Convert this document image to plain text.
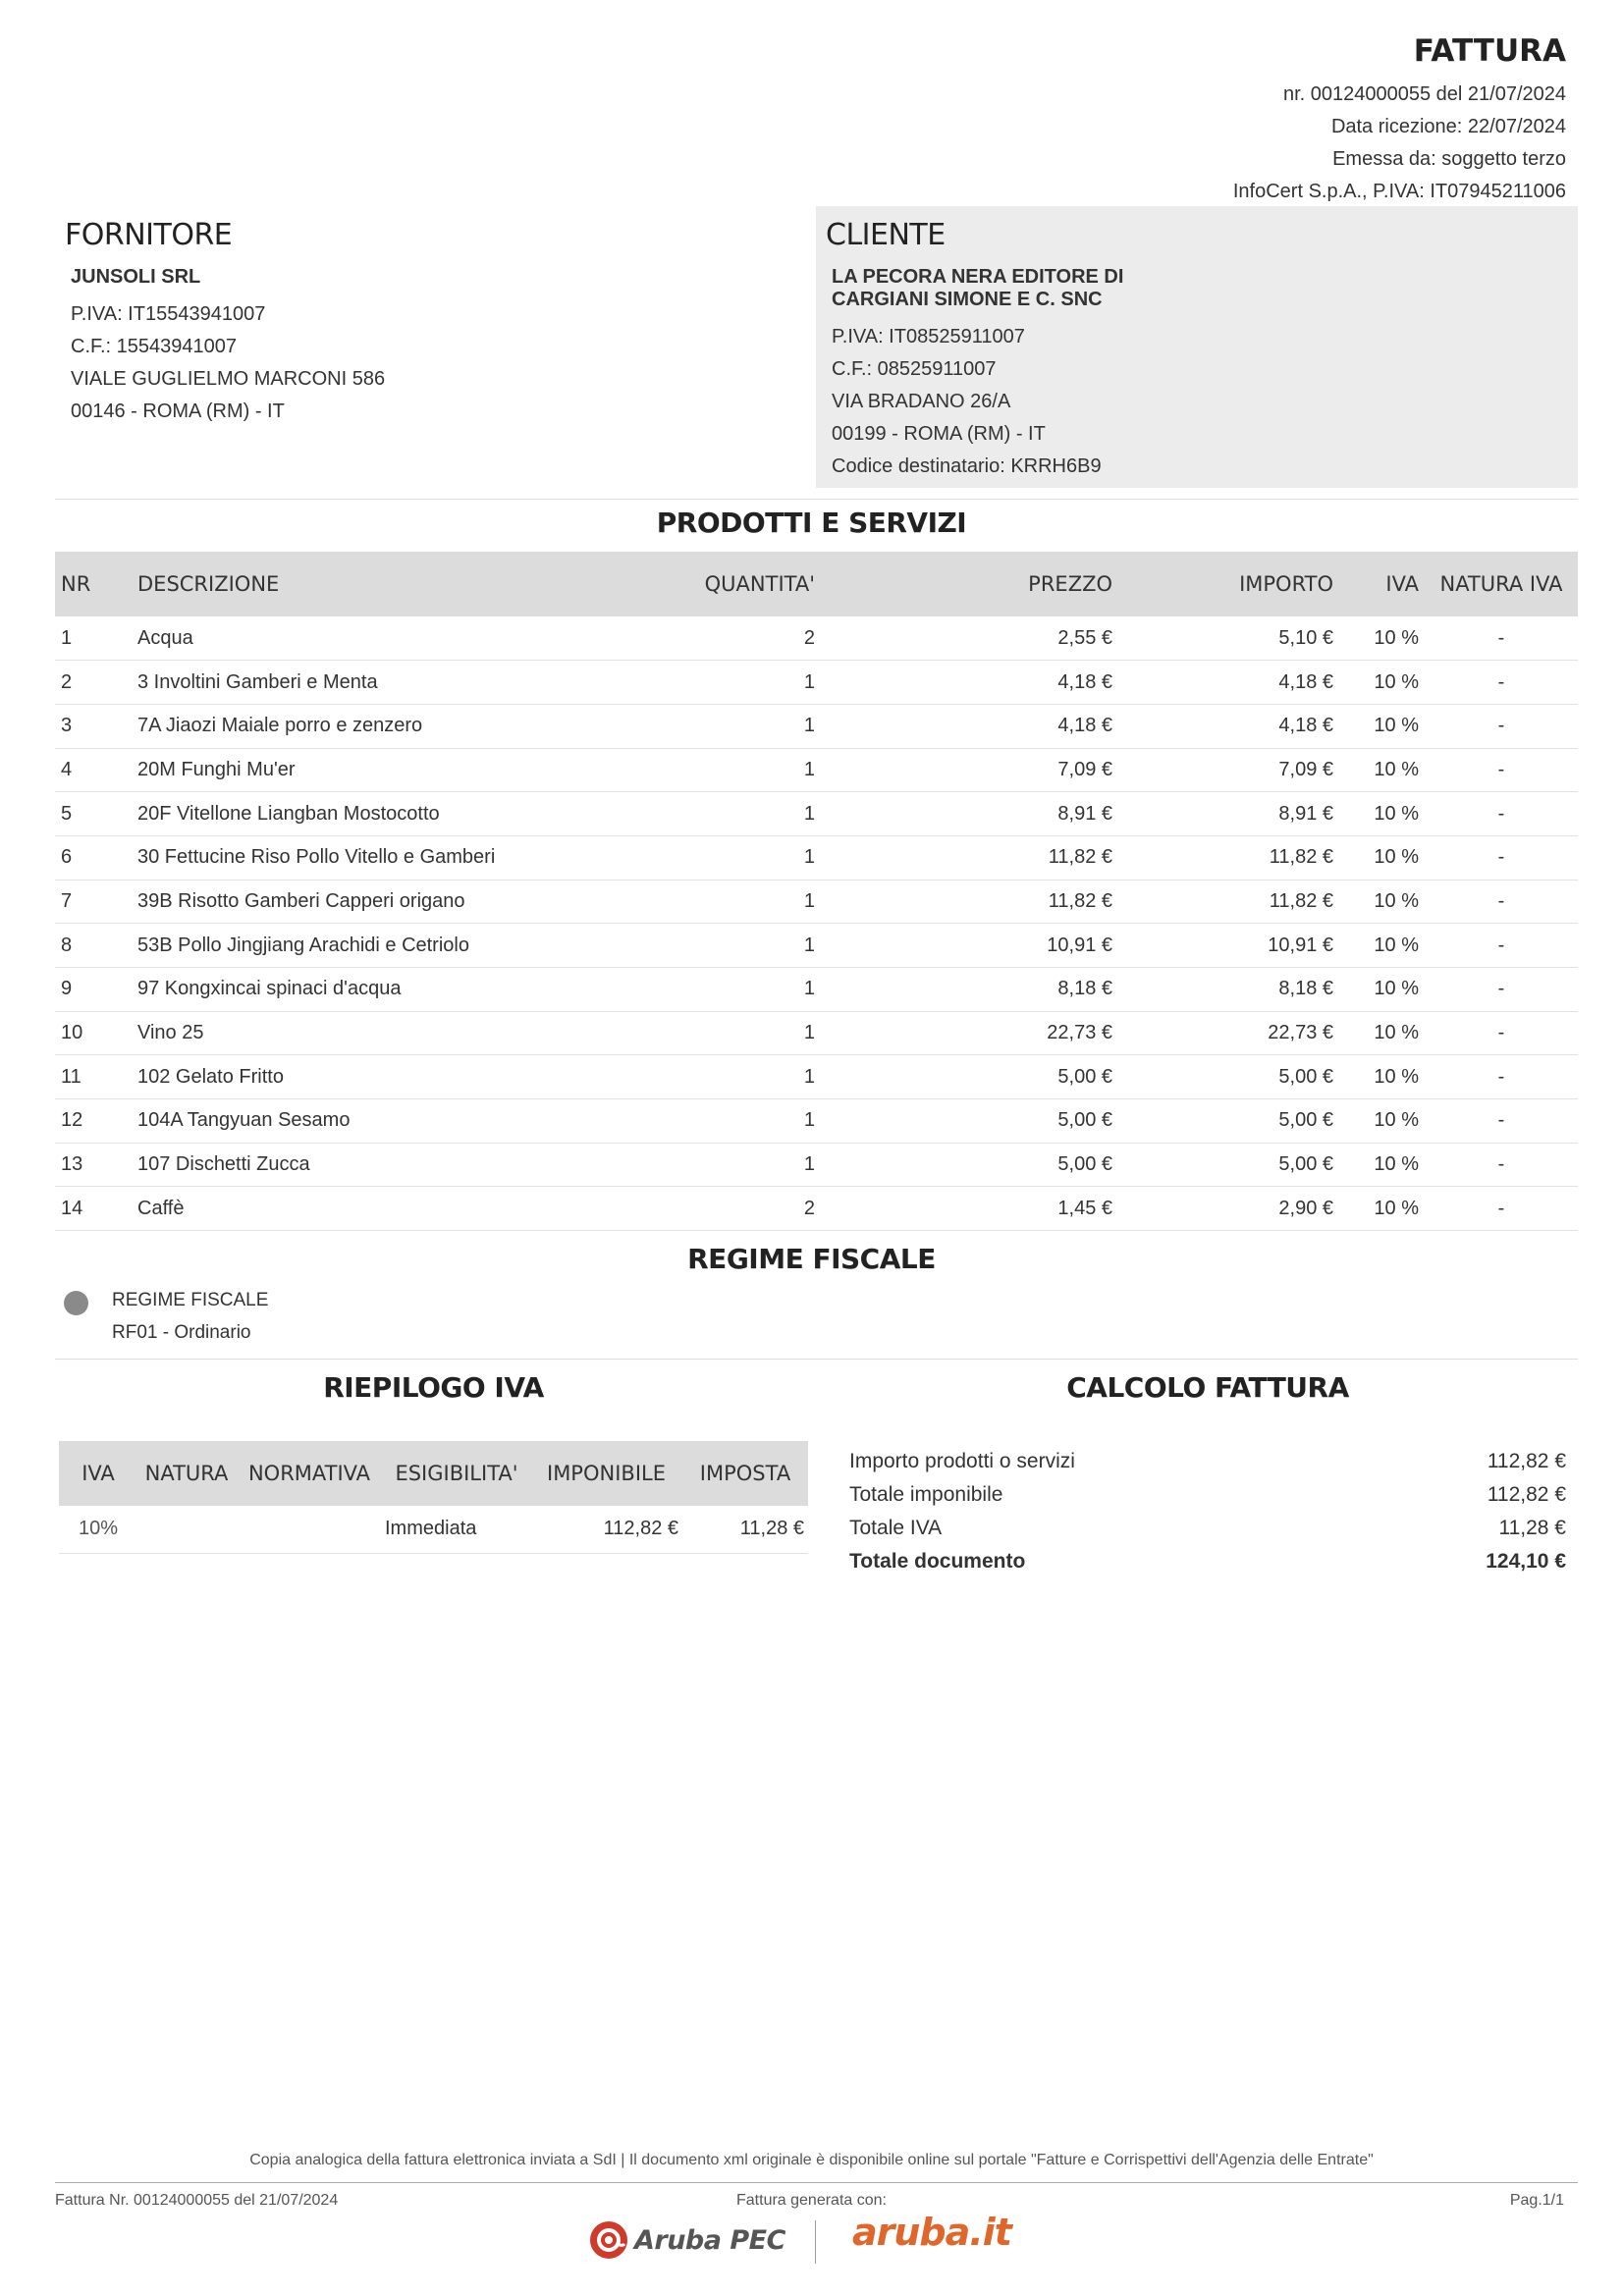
FATTURA
nr. 00124000055 del 21/07/2024
Data ricezione: 22/07/2024
Emessa da: soggetto terzo
InfoCert S.p.A., P.IVA: IT07945211006
FORNITORE
JUNSOLI SRL
P.IVA: IT15543941007
C.F.: 15543941007
VIALE GUGLIELMO MARCONI 586
00146 - ROMA (RM) - IT
CLIENTE
LA PECORA NERA EDITORE DI
CARGIANI SIMONE E C. SNC
P.IVA: IT08525911007
C.F.: 08525911007
VIA BRADANO 26/A
00199 - ROMA (RM) - IT
Codice destinatario: KRRH6B9
PRODOTTI E SERVIZI
NR	DESCRIZIONE	QUANTITA'	PREZZO	IMPORTO	IVA	NATURA IVA
1	Acqua	2	2,55 €	5,10 €	10 %	-
2	3 Involtini Gamberi e Menta	1	4,18 €	4,18 €	10 %	-
3	7A Jiaozi Maiale porro e zenzero	1	4,18 €	4,18 €	10 %	-
4	20M Funghi Mu'er	1	7,09 €	7,09 €	10 %	-
5	20F Vitellone Liangban Mostocotto	1	8,91 €	8,91 €	10 %	-
6	30 Fettucine Riso Pollo Vitello e Gamberi	1	11,82 €	11,82 €	10 %	-
7	39B Risotto Gamberi Capperi origano	1	11,82 €	11,82 €	10 %	-
8	53B Pollo Jingjiang Arachidi e Cetriolo	1	10,91 €	10,91 €	10 %	-
9	97 Kongxincai spinaci d'acqua	1	8,18 €	8,18 €	10 %	-
10	Vino 25	1	22,73 €	22,73 €	10 %	-
11	102 Gelato Fritto	1	5,00 €	5,00 €	10 %	-
12	104A Tangyuan Sesamo	1	5,00 €	5,00 €	10 %	-
13	107 Dischetti Zucca	1	5,00 €	5,00 €	10 %	-
14	Caffè	2	1,45 €	2,90 €	10 %	-
REGIME FISCALE
REGIME FISCALE
RF01 - Ordinario
RIEPILOGO IVA
IVA	NATURA	NORMATIVA	ESIGIBILITA'	IMPONIBILE	IMPOSTA
10%			Immediata	112,82 €	11,28 €
CALCOLO FATTURA
Importo prodotti o servizi	112,82 €
Totale imponibile	112,82 €
Totale IVA	11,28 €
Totale documento	124,10 €
Copia analogica della fattura elettronica inviata a SdI | Il documento xml originale è disponibile online sul portale "Fatture e Corrispettivi dell'Agenzia delle Entrate"
Fattura Nr. 00124000055 del 21/07/2024	Fattura generata con:	Pag.1/1
Aruba PEC aruba.it
